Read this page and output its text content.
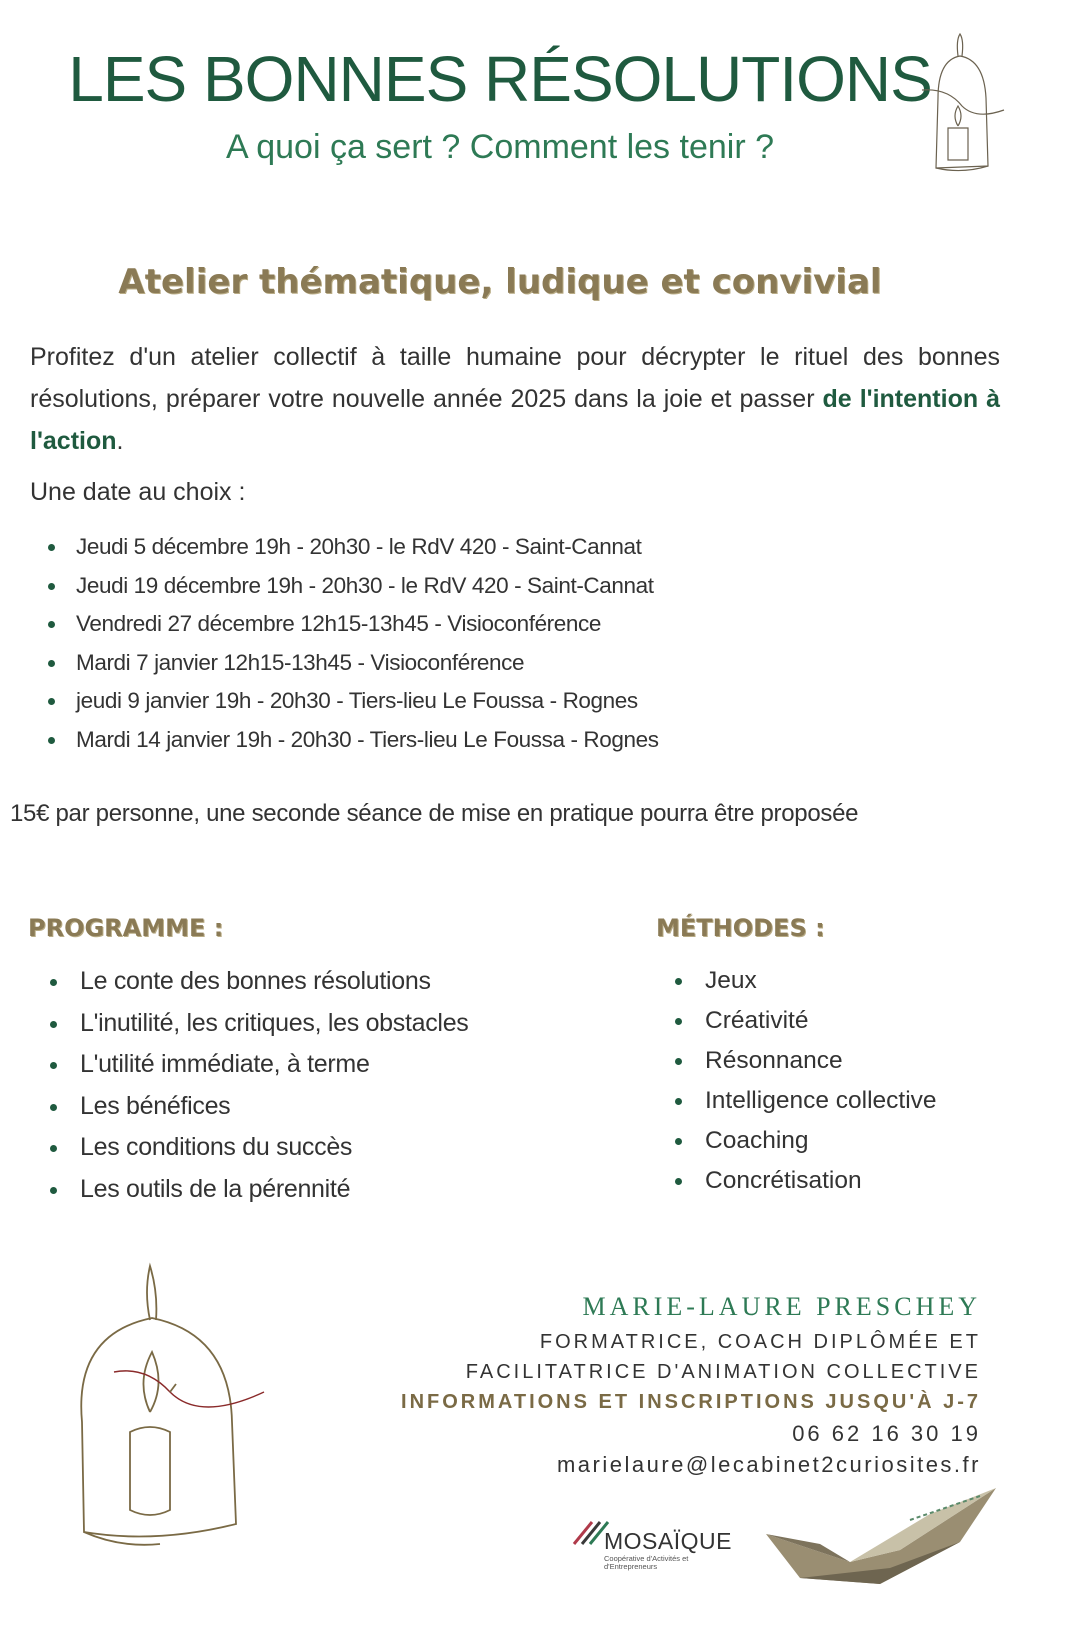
LES BONNES RÉSOLUTIONS
A quoi ça sert ? Comment les tenir ?
Atelier thématique, ludique et convivial

Profitez d'un atelier collectif à taille humaine pour décrypter le rituel des bonnes résolutions, préparer votre nouvelle année 2025 dans la joie et passer de l'intention à l'action.

Une date au choix :
Jeudi 5 décembre 19h - 20h30 - le RdV 420 - Saint-Cannat
Jeudi 19 décembre 19h - 20h30 - le RdV 420 - Saint-Cannat
Vendredi 27 décembre 12h15-13h45 - Visioconférence
Mardi 7 janvier 12h15-13h45 - Visioconférence
jeudi 9 janvier 19h - 20h30 - Tiers-lieu Le Foussa - Rognes
Mardi 14 janvier 19h - 20h30 - Tiers-lieu Le Foussa - Rognes
15€ par personne, une seconde séance de mise en pratique pourra être proposée
PROGRAMME :	MÉTHODES :
Le conte des bonnes résolutions
L'inutilité, les critiques, les obstacles
L'utilité immédiate, à terme
Les bénéfices
Les conditions du succès
Les outils de la pérennité
Jeux
Créativité
Résonnance
Intelligence collective
Coaching
Concrétisation
MARIE-LAURE PRESCHEY
FORMATRICE, COACH DIPLÔMÉE ET
FACILITATRICE D'ANIMATION COLLECTIVE
INFORMATIONS ET INSCRIPTIONS JUSQU'À J-7
06 62 16 30 19
marielaure@lecabinet2curiosites.fr
MOSAÏQUE
Coopérative d'Activités et d'Entrepreneurs
